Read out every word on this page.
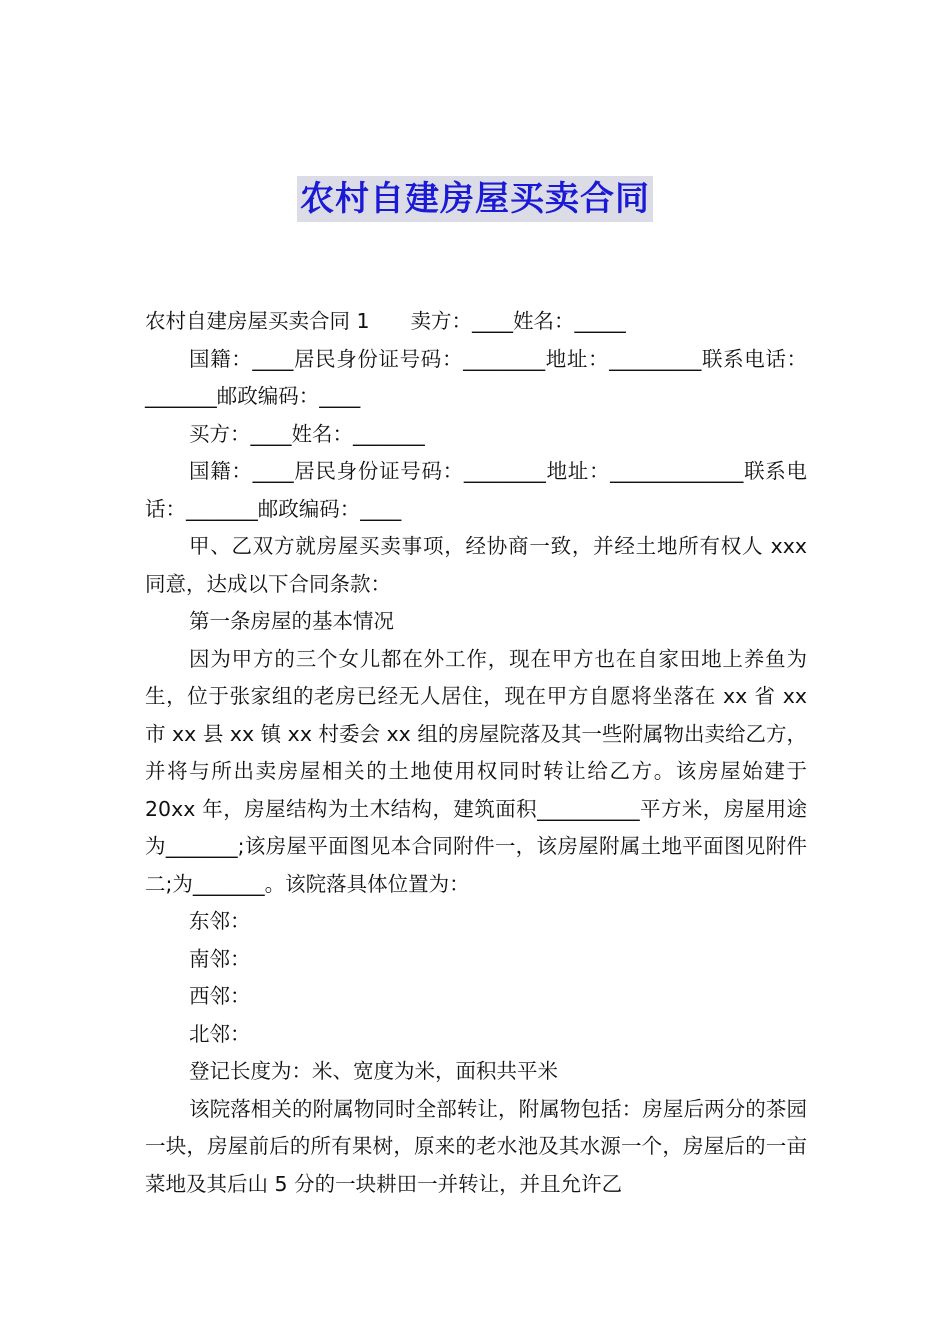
农村自建房屋买卖合同

农村自建房屋买卖合同 1　　卖方：____姓名：_____

国籍：____居民身份证号码：________地址：_________联系电话：_______邮政编码：____

买方：____姓名：_______

国籍：____居民身份证号码：________地址：_____________联系电话：_______邮政编码：____

甲、乙双方就房屋买卖事项，经协商一致，并经土地所有权人 xxx 同意，达成以下合同条款：

第一条房屋的基本情况

因为甲方的三个女儿都在外工作，现在甲方也在自家田地上养鱼为生，位于张家组的老房已经无人居住，现在甲方自愿将坐落在 xx 省 xx 市 xx 县 xx 镇 xx 村委会 xx 组的房屋院落及其一些附属物出卖给乙方，并将与所出卖房屋相关的土地使用权同时转让给乙方。该房屋始建于 20xx 年，房屋结构为土木结构，建筑面积__________平方米，房屋用途为_______;该房屋平面图见本合同附件一，该房屋附属土地平面图见附件二;为_______。该院落具体位置为：

东邻：

南邻：

西邻：

北邻：

登记长度为：米、宽度为米，面积共平米

该院落相关的附属物同时全部转让，附属物包括：房屋后两分的茶园一块，房屋前后的所有果树，原来的老水池及其水源一个，房屋后的一亩菜地及其后山 5 分的一块耕田一并转让，并且允许乙
